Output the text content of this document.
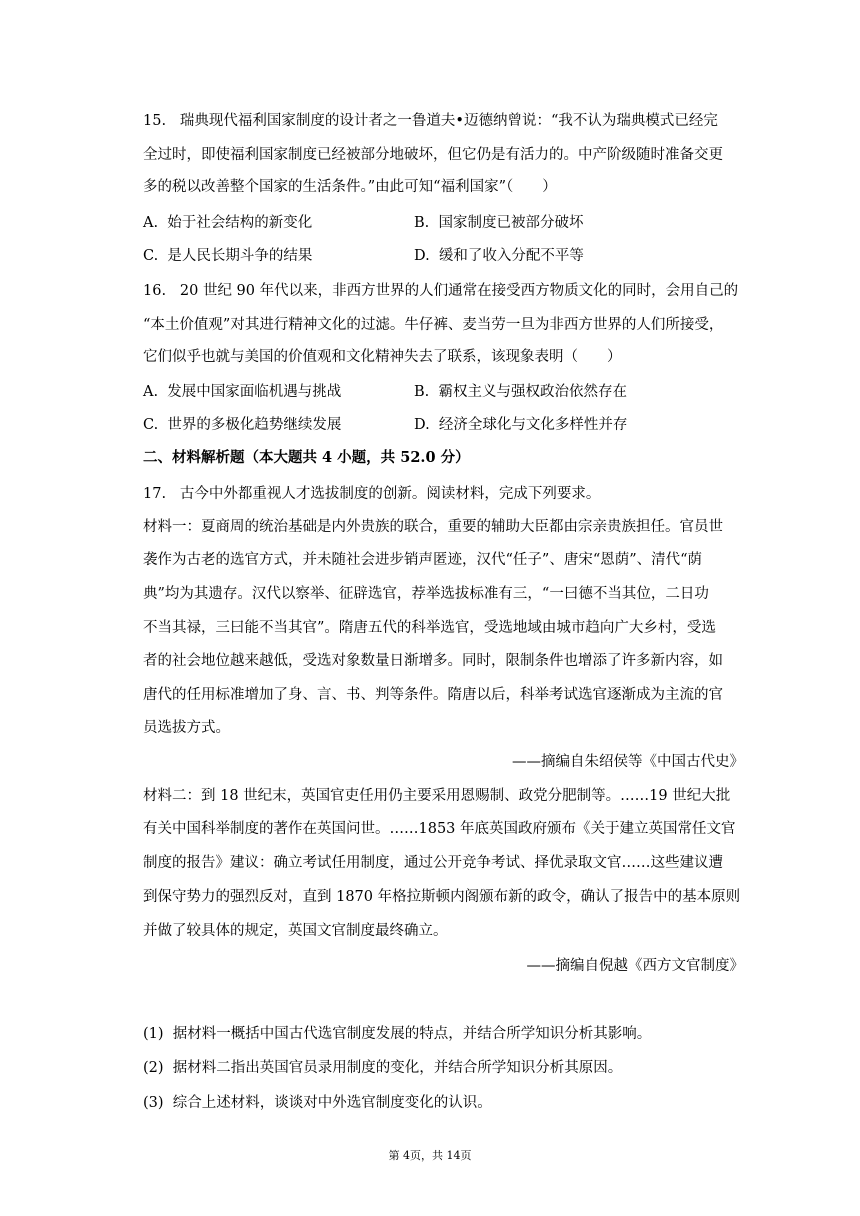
15.   瑞典现代福利国家制度的设计者之一鲁道夫•迈德纳曾说：“我不认为瑞典模式已经完
全过时，即使福利国家制度已经被部分地破坏，但它仍是有活力的。中产阶级随时准备交更
多的税以改善整个国家的生活条件。”由此可知“福利国家”（　　）
A.  始于社会结构的新变化	B.  国家制度已被部分破坏
C.  是人民长期斗争的结果	D.  缓和了收入分配不平等
16.   20 世纪 90 年代以来，非西方世界的人们通常在接受西方物质文化的同时，会用自己的
“本土价值观”对其进行精神文化的过滤。牛仔裤、麦当劳一旦为非西方世界的人们所接受，
它们似乎也就与美国的价值观和文化精神失去了联系，该现象表明（　　）
A.  发展中国家面临机遇与挑战	B.  霸权主义与强权政治依然存在
C.  世界的多极化趋势继续发展	D.  经济全球化与文化多样性并存
二、材料解析题（本大题共 4 小题，共 52.0 分）
17.   古今中外都重视人才选拔制度的创新。阅读材料，完成下列要求。
材料一：夏商周的统治基础是内外贵族的联合，重要的辅助大臣都由宗亲贵族担任。官员世
袭作为古老的选官方式，并未随社会进步销声匿迹，汉代“任子”、唐宋“恩荫”、清代“荫
典”均为其遗存。汉代以察举、征辟选官，荐举选拔标准有三，“一曰德不当其位，二日功
不当其禄，三曰能不当其官”。隋唐五代的科举选官，受选地域由城市趋向广大乡村，受选
者的社会地位越来越低，受选对象数量日渐增多。同时，限制条件也增添了许多新内容，如
唐代的任用标准增加了身、言、书、判等条件。隋唐以后，科举考试选官逐渐成为主流的官
员选拔方式。
——摘编自朱绍侯等《中国古代史》
材料二：到 18 世纪末，英国官吏任用仍主要采用恩赐制、政党分肥制等。……19 世纪大批
有关中国科举制度的著作在英国问世。……1853 年底英国政府颁布《关于建立英国常任文官
制度的报告》建议：确立考试任用制度，通过公开竞争考试、择优录取文官……这些建议遭
到保守势力的强烈反对，直到 1870 年格拉斯顿内阁颁布新的政令，确认了报告中的基本原则
并做了较具体的规定，英国文官制度最终确立。
——摘编自倪越《西方文官制度》
(1)  据材料一概括中国古代选官制度发展的特点，并结合所学知识分析其影响。
(2)  据材料二指出英国官员录用制度的变化，并结合所学知识分析其原因。
(3)  综合上述材料，谈谈对中外选官制度变化的认识。
第 4页，共 14页
